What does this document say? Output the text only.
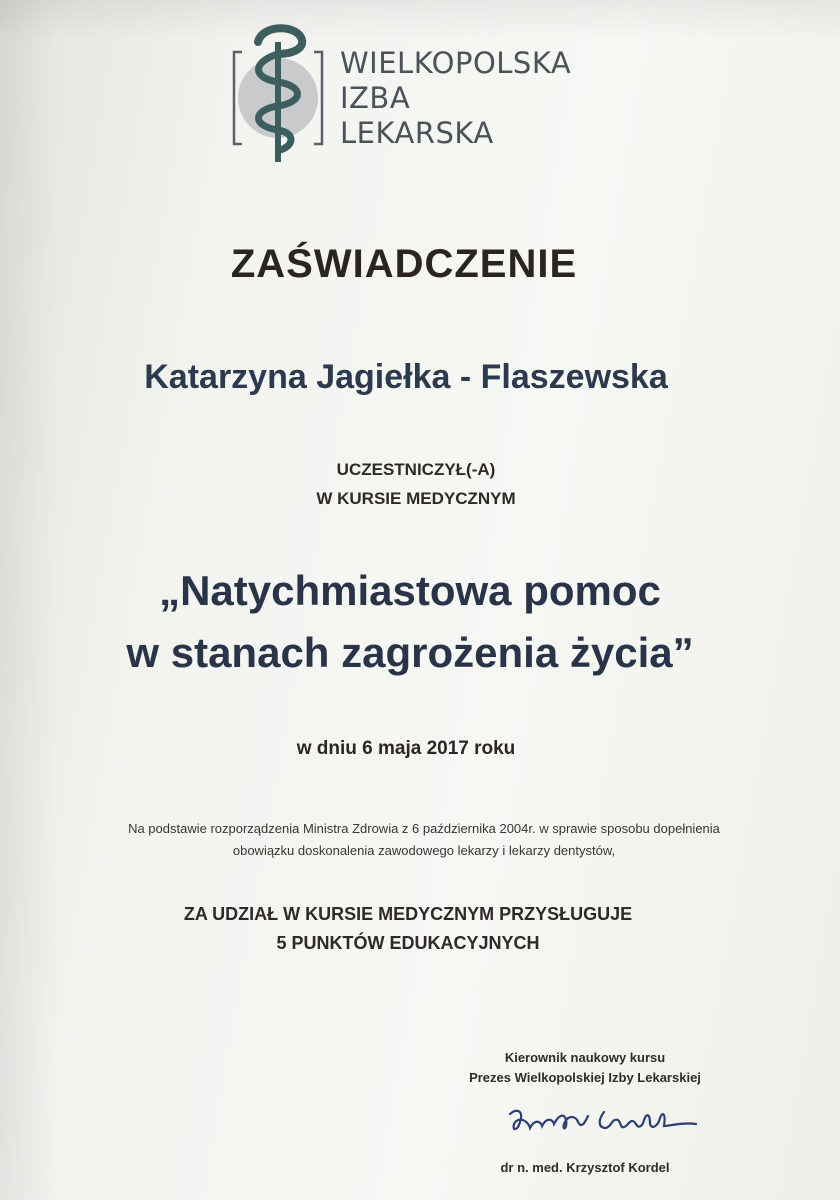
WIELKOPOLSKA
IZBA
LEKARSKA
ZAŚWIADCZENIE
Katarzyna Jagiełka - Flaszewska
UCZESTNICZYŁ(-A)
W KURSIE MEDYCZNYM
„Natychmiastowa pomoc
w stanach zagrożenia życia”
w dniu 6 maja 2017 roku
Na podstawie rozporządzenia Ministra Zdrowia z 6 października 2004r. w sprawie sposobu dopełnienia
obowiązku doskonalenia zawodowego lekarzy i lekarzy dentystów,
ZA UDZIAŁ W KURSIE MEDYCZNYM PRZYSŁUGUJE
5 PUNKTÓW EDUKACYJNYCH
Kierownik naukowy kursu
Prezes Wielkopolskiej Izby Lekarskiej
dr n. med. Krzysztof Kordel
